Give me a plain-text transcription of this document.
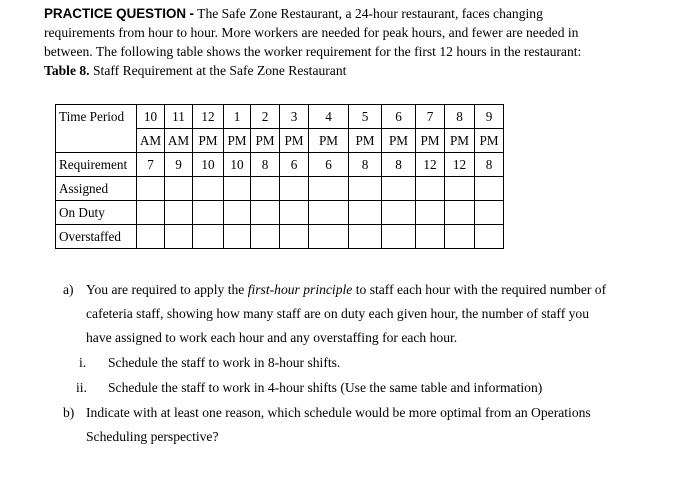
PRACTICE QUESTION - The Safe Zone Restaurant, a 24-hour restaurant, faces changing
requirements from hour to hour. More workers are needed for peak hours, and fewer are needed in
between. The following table shows the worker requirement for the first 12 hours in the restaurant:
Table 8. Staff Requirement at the Safe Zone Restaurant
Time Period	10	11	12	1	2	3	4	5	6	7	8	9
	AM	AM	PM	PM	PM	PM	PM	PM	PM	PM	PM	PM
Requirement	7	9	10	10	8	6	6	8	8	12	12	8
Assigned												
On Duty												
Overstaffed												
a) You are required to apply the first-hour principle to staff each hour with the required number of
cafeteria staff, showing how many staff are on duty each given hour, the number of staff you
have assigned to work each hour and any overstaffing for each hour.
i. Schedule the staff to work in 8-hour shifts.
ii. Schedule the staff to work in 4-hour shifts (Use the same table and information)
b) Indicate with at least one reason, which schedule would be more optimal from an Operations
Scheduling perspective?
